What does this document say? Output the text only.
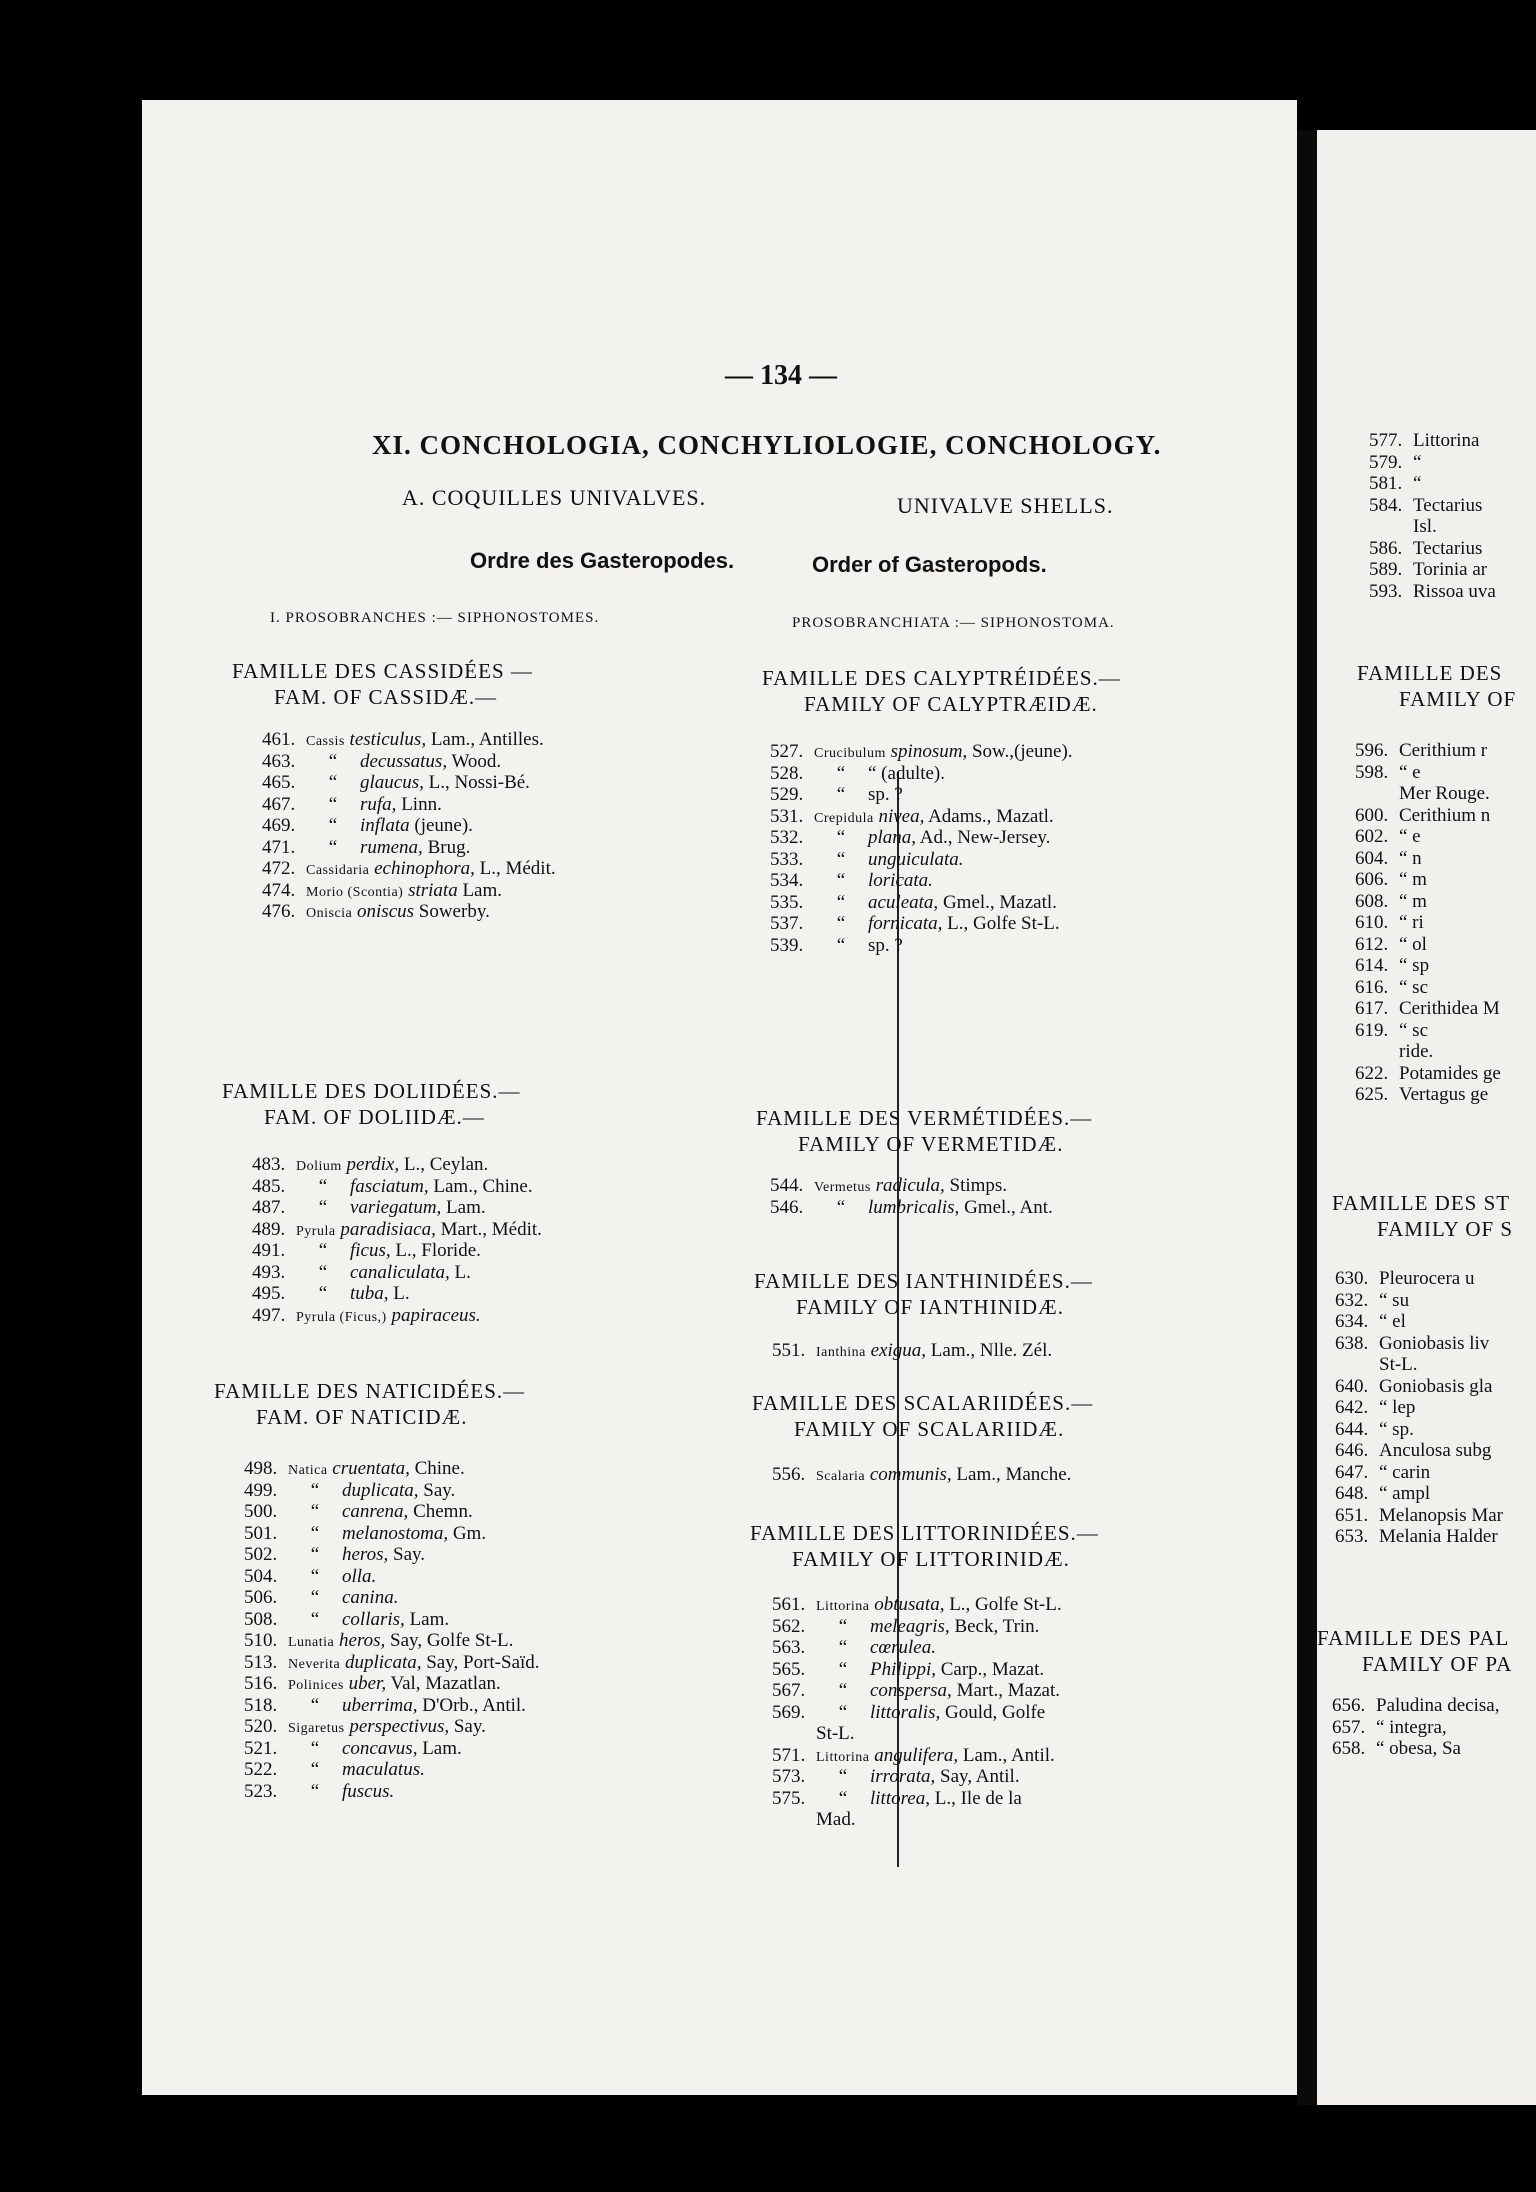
— 134 —
XI. CONCHOLOGIA, CONCHYLIOLOGIE, CONCHOLOGY.
A. COQUILLES UNIVALVES.	UNIVALVE SHELLS.
Ordre des Gasteropodes.	Order of Gasteropods.
I. PROSOBRANCHES :— SIPHONOSTOMES.	PROSOBRANCHIATA :— SIPHONOSTOMA.
FAMILLE DES CASSIDÉES —
FAM. OF CASSIDÆ.—
461. Cassis testiculus, Lam., Antilles.
463.	“ decussatus, Wood.
465.	“ glaucus, L., Nossi-Bé.
467.	“ rufa, Linn.
469.	“ inflata (jeune).
471.	“ rumena, Brug.
472. Cassidaria echinophora, L., Médit.
474. Morio (Scontia) striata Lam.
476. Oniscia oniscus Sowerby.
FAMILLE DES DOLIIDÉES.—
FAM. OF DOLIIDÆ.—
483. Dolium perdix, L., Ceylan.
485.	“ fasciatum, Lam., Chine.
487.	“ variegatum, Lam.
489. Pyrula paradisiaca, Mart., Médit.
491.	“ ficus, L., Floride.
493.	“ canaliculata, L.
495.	“ tuba, L.
497. Pyrula (Ficus,) papiraceus.
FAMILLE DES NATICIDÉES.—
FAM. OF NATICIDÆ.
498. Natica cruentata, Chine.
499.	“ duplicata, Say.
500.	“ canrena, Chemn.
501.	“ melanostoma, Gm.
502.	“ heros, Say.
504.	“ olla.
506.	“ canina.
508.	“ collaris, Lam.
510. Lunatia heros, Say, Golfe St-L.
513. Neverita duplicata, Say, Port-Saïd.
516. Polinices uber, Val, Mazatlan.
518.	“ uberrima, D'Orb., Antil.
520. Sigaretus perspectivus, Say.
521.	“ concavus, Lam.
522.	“ maculatus.
523.	“ fuscus.
FAMILLE DES CALYPTRÉIDÉES.—
FAMILY OF CALYPTRÆIDÆ.
527. Crucibulum spinosum, Sow.,(jeune).
528.	“ “ (adulte).
529.	“ sp. ?
531. Crepidula nivea, Adams., Mazatl.
532.	“ plana, Ad., New-Jersey.
533.	“ unguiculata.
534.	“ loricata.
535.	“ aculeata, Gmel., Mazatl.
537.	“ fornicata, L., Golfe St-L.
539.	“ sp. ?
FAMILLE DES VERMÉTIDÉES.—
FAMILY OF VERMETIDÆ.
544. Vermetus radicula, Stimps.
546.	“ lumbricalis, Gmel., Ant.
FAMILLE DES IANTHINIDÉES.—
FAMILY OF IANTHINIDÆ.
551. Ianthina exigua, Lam., Nlle. Zél.
FAMILLE DES SCALARIIDÉES.—
FAMILY OF SCALARIIDÆ.
556. Scalaria communis, Lam., Manche.
FAMILLE DES LITTORINIDÉES.—
FAMILY OF LITTORINIDÆ.
561. Littorina obtusata, L., Golfe St-L.
562.	“ meleagris, Beck, Trin.
563.	“ cœrulea.
565.	“ Philippi, Carp., Mazat.
567.	“ conspersa, Mart., Mazat.
569.	“ littoralis, Gould, Golfe
St-L.
571. Littorina angulifera, Lam., Antil.
573.	“ irrorata, Say, Antil.
575.	“ littorea, L., Ile de la
Mad.
577. Littorina
579. “
581. “
584. Tectarius
Isl.
586. Tectarius
589. Torinia ar
593. Rissoa uva
FAMILLE DES
FAMILY OF
596. Cerithium r
598. “ e
Mer Rouge.
600. Cerithium n
602. “ e
604. “ n
606. “ m
608. “ m
610. “ ri
612. “ ol
614. “ sp
616. “ sc
617. Cerithidea M
619. “ sc
ride.
622. Potamides ge
625. Vertagus ge
FAMILLE DES ST
FAMILY OF S
630. Pleurocera u
632. “ su
634. “ el
638. Goniobasis liv
St-L.
640. Goniobasis gla
642. “ lep
644. “ sp.
646. Anculosa subg
647. “ carin
648. “ ampl
651. Melanopsis Mar
653. Melania Halder
FAMILLE DES PAL
FAMILY OF PA
656. Paludina decisa,
657. “ integra,
658. “ obesa, Sa
